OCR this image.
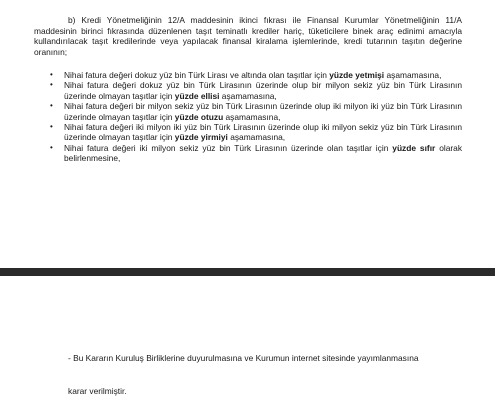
b) Kredi Yönetmeliğinin 12/A maddesinin ikinci fıkrası ile Finansal Kurumlar Yönetmeliğinin 11/A maddesinin birinci fıkrasında düzenlenen taşıt teminatlı krediler hariç, tüketicilere binek araç edinimi amacıyla kullandırılacak taşıt kredilerinde veya yapılacak finansal kiralama işlemlerinde, kredi tutarının taşıtın değerine oranının;

• Nihai fatura değeri dokuz yüz bin Türk Lirası ve altında olan taşıtlar için yüzde yetmişi aşamamasına,
• Nihai fatura değeri dokuz yüz bin Türk Lirasının üzerinde olup bir milyon sekiz yüz bin Türk Lirasının üzerinde olmayan taşıtlar için yüzde ellisi aşamamasına,
• Nihai fatura değeri bir milyon sekiz yüz bin Türk Lirasının üzerinde olup iki milyon iki yüz bin Türk Lirasının üzerinde olmayan taşıtlar için yüzde otuzu aşamamasına,
• Nihai fatura değeri iki milyon iki yüz bin Türk Lirasının üzerinde olup iki milyon sekiz yüz bin Türk Lirasının üzerinde olmayan taşıtlar için yüzde yirmiyi aşamamasına,
• Nihai fatura değeri iki milyon sekiz yüz bin Türk Lirasının üzerinde olan taşıtlar için yüzde sıfır olarak belirlenmesine,
- Bu Kararın Kuruluş Birliklerine duyurulmasına ve Kurumun internet sitesinde yayımlanmasına
karar verilmiştir.
